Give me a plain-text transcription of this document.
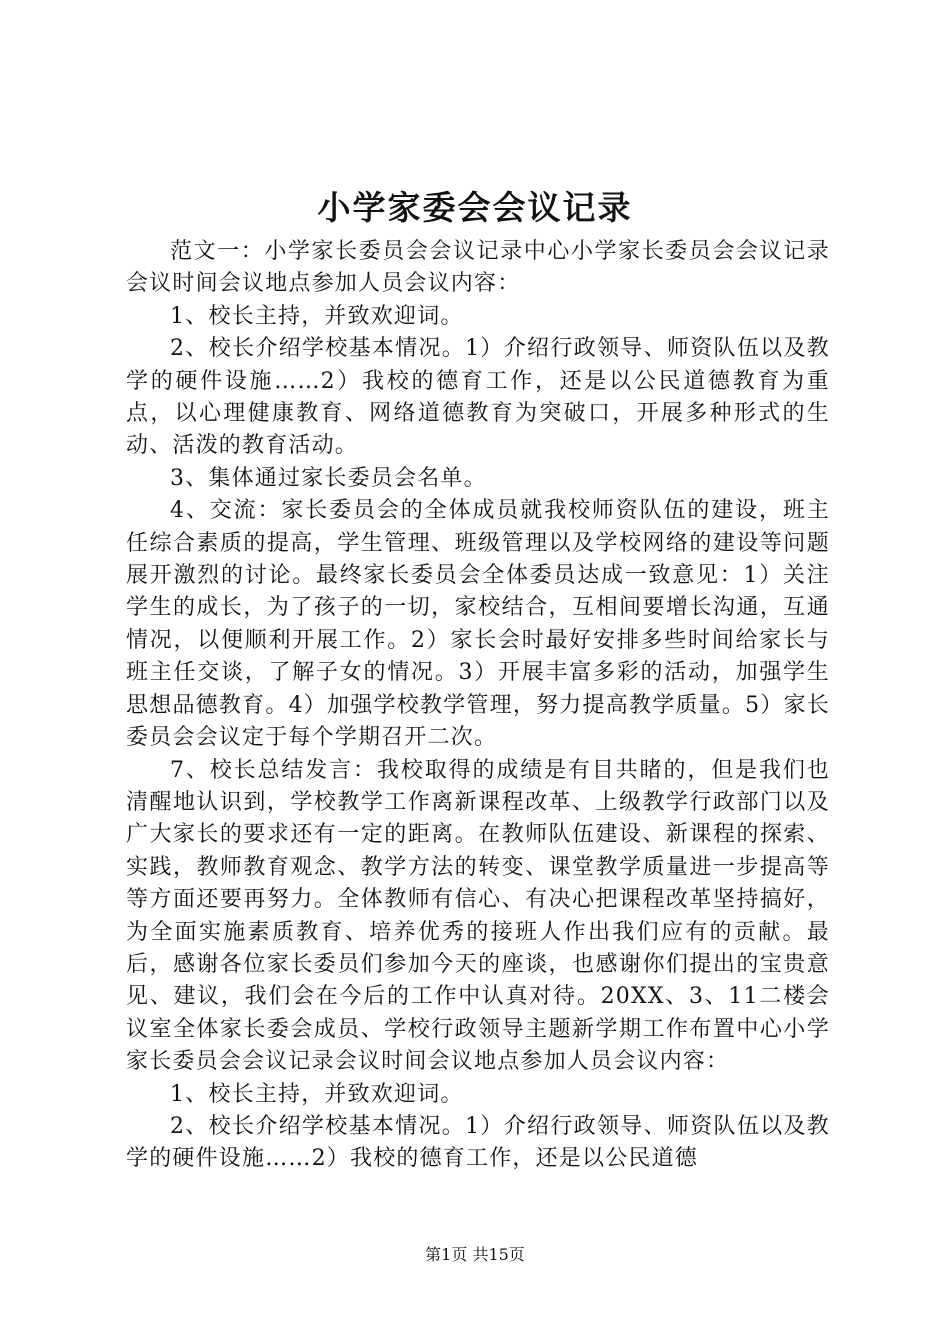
小学家委会会议记录

范文一：小学家长委员会会议记录中心小学家长委员会会议记录会议时间会议地点参加人员会议内容：

1、校长主持，并致欢迎词。

2、校长介绍学校基本情况。1）介绍行政领导、师资队伍以及教学的硬件设施……2）我校的德育工作，还是以公民道德教育为重点，以心理健康教育、网络道德教育为突破口，开展多种形式的生动、活泼的教育活动。

3、集体通过家长委员会名单。

4、交流：家长委员会的全体成员就我校师资队伍的建设，班主任综合素质的提高，学生管理、班级管理以及学校网络的建设等问题展开激烈的讨论。最终家长委员会全体委员达成一致意见：1）关注学生的成长，为了孩子的一切，家校结合，互相间要增长沟通，互通情况，以便顺利开展工作。2）家长会时最好安排多些时间给家长与班主任交谈，了解子女的情况。3）开展丰富多彩的活动，加强学生思想品德教育。4）加强学校教学管理，努力提高教学质量。5）家长委员会会议定于每个学期召开二次。

7、校长总结发言：我校取得的成绩是有目共睹的，但是我们也清醒地认识到，学校教学工作离新课程改革、上级教学行政部门以及广大家长的要求还有一定的距离。在教师队伍建设、新课程的探索、实践，教师教育观念、教学方法的转变、课堂教学质量进一步提高等等方面还要再努力。全体教师有信心、有决心把课程改革坚持搞好，为全面实施素质教育、培养优秀的接班人作出我们应有的贡献。最后，感谢各位家长委员们参加今天的座谈，也感谢你们提出的宝贵意见、建议，我们会在今后的工作中认真对待。20XX、3、11二楼会议室全体家长委会成员、学校行政领导主题新学期工作布置中心小学家长委员会会议记录会议时间会议地点参加人员会议内容：

1、校长主持，并致欢迎词。

2、校长介绍学校基本情况。1）介绍行政领导、师资队伍以及教学的硬件设施……2）我校的德育工作，还是以公民道德

第1页 共15页
